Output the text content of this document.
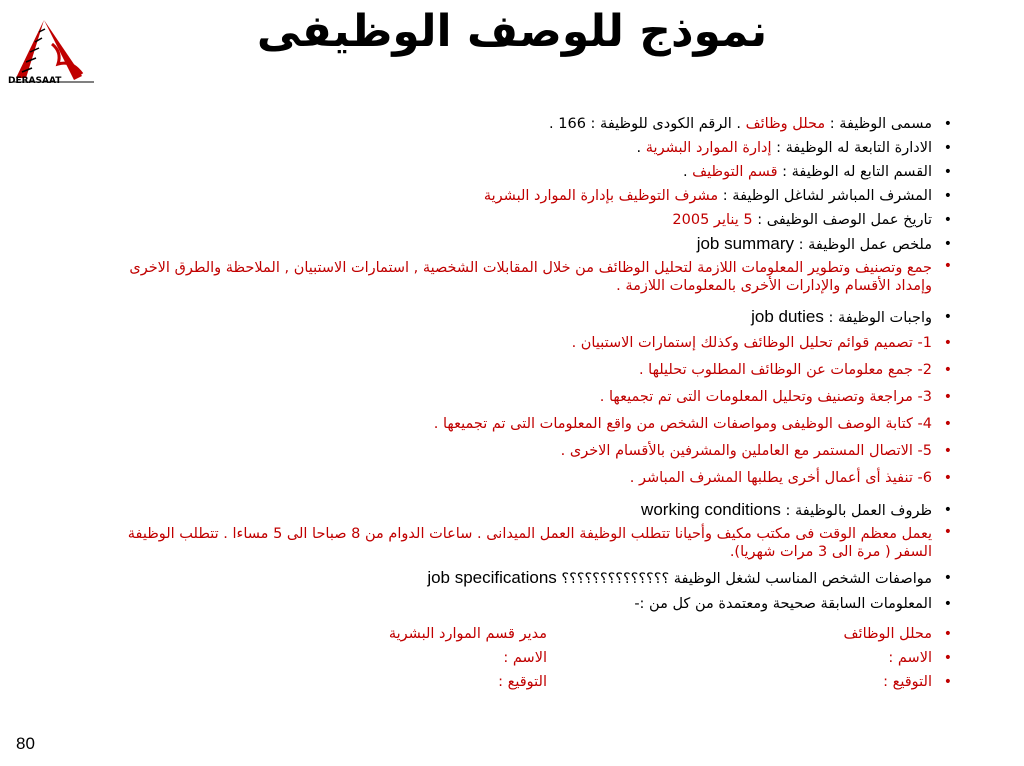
DERASAAT
نموذج للوصف الوظيفى
•
مسمى الوظيفة : محلل وظائف . الرقم الكودى للوظيفة : 166 .
•
الادارة التابعة له الوظيفة : إدارة الموارد البشرية .
•
القسم التابع له الوظيفة : قسم التوظيف .
•
المشرف المباشر لشاغل الوظيفة : مشرف التوظيف بإدارة الموارد البشرية
•
تاريخ عمل الوصف الوظيفى : 5 يناير 2005
•
ملخص عمل الوظيفة : job summary
•
جمع وتصنيف وتطوير المعلومات اللازمة لتحليل الوظائف من خلال المقابلات الشخصية , استمارات الاستبيان , الملاحظة والطرق الاخرى وإمداد الأقسام والإدارات الأخرى بالمعلومات اللازمة .
•
واجبات الوظيفة : job duties
•
1- تصميم قوائم تحليل الوظائف وكذلك إستمارات الاستبيان .
•
2- جمع معلومات عن الوظائف المطلوب تحليلها .
•
3- مراجعة وتصنيف وتحليل المعلومات التى تم تجميعها .
•
4- كتابة الوصف الوظيفى ومواصفات الشخص من واقع المعلومات التى تم تجميعها .
•
5- الاتصال المستمر مع العاملين والمشرفين بالأقسام الاخرى .
•
6- تنفيذ أى أعمال أخرى يطلبها المشرف المباشر .
•
ظروف العمل بالوظيفة : working conditions
•
يعمل معظم الوقت فى مكتب مكيف وأحيانا تتطلب الوظيفة العمل الميدانى . ساعات الدوام من 8 صباحا الى 5 مساءا . تتطلب الوظيفة السفر ( مرة الى 3 مرات شهريا).
•
مواصفات الشخص المناسب لشغل الوظيفة ؟؟؟؟؟؟؟؟؟؟؟؟؟؟ job specifications
•
المعلومات السابقة صحيحة ومعتمدة من كل من :-
•
محلل الوظائف
مدير قسم الموارد البشرية
•
الاسم :
الاسم :
•
التوقيع :
التوقيع :
80
